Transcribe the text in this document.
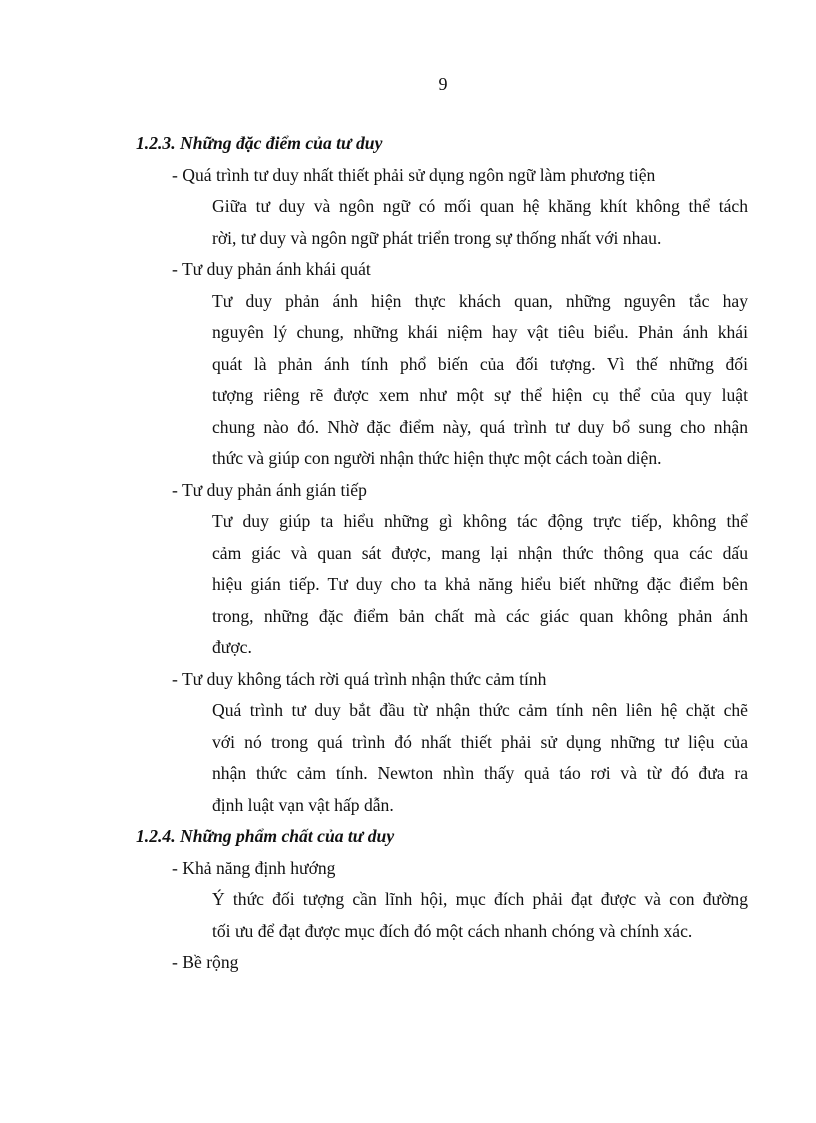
9
1.2.3. Những đặc điểm của tư duy
- Quá trình tư duy nhất thiết phải sử dụng ngôn ngữ làm phương tiện
Giữa tư duy và ngôn ngữ có mối quan hệ khăng khít không thể tách
rời, tư duy và ngôn ngữ phát triển trong sự thống nhất với nhau.
- Tư duy phản ánh khái quát
Tư duy phản ánh hiện thực khách quan, những nguyên tắc hay
nguyên lý chung, những khái niệm hay vật tiêu biểu. Phản ánh khái
quát là phản ánh tính phổ biến của đối tượng. Vì thế những đối
tượng riêng rẽ được xem như một sự thể hiện cụ thể của quy luật
chung nào đó. Nhờ đặc điểm này, quá trình tư duy bổ sung cho nhận
thức và giúp con người nhận thức hiện thực một cách toàn diện.
- Tư duy phản ánh gián tiếp
Tư duy giúp ta hiểu những gì không tác động trực tiếp, không thể
cảm giác và quan sát được, mang lại nhận thức thông qua các dấu
hiệu gián tiếp. Tư duy cho ta khả năng hiểu biết những đặc điểm bên
trong, những đặc điểm bản chất mà các giác quan không phản ánh
được.
- Tư duy không tách rời quá trình nhận thức cảm tính
Quá trình tư duy bắt đầu từ nhận thức cảm tính nên liên hệ chặt chẽ
với nó trong quá trình đó nhất thiết phải sử dụng những tư liệu của
nhận thức cảm tính. Newton nhìn thấy quả táo rơi và từ đó đưa ra
định luật vạn vật hấp dẫn.
1.2.4. Những phẩm chất của tư duy
- Khả năng định hướng
Ý thức đối tượng cần lĩnh hội, mục đích phải đạt được và con đường
tối ưu để đạt được mục đích đó một cách nhanh chóng và chính xác.
- Bề rộng
